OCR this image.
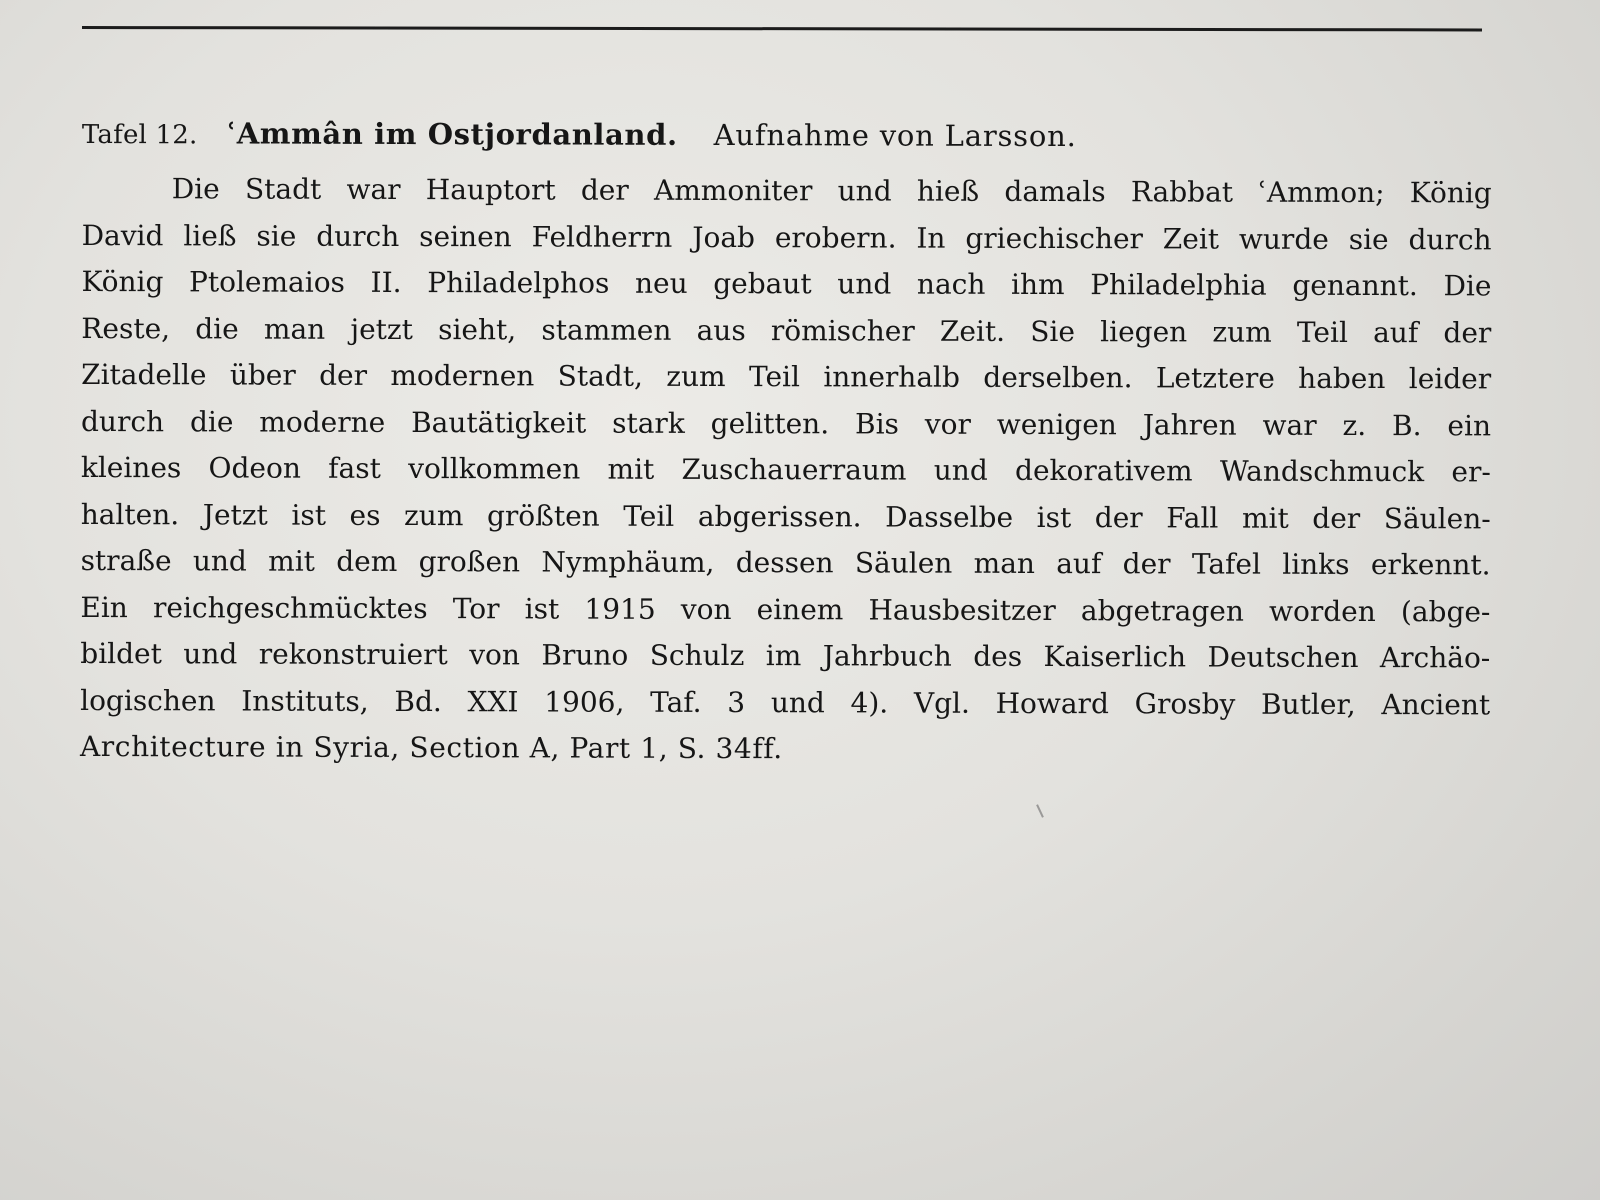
Tafel 12. ʿAmmân im Ostjordanland. Aufnahme von Larsson.
Die Stadt war Hauptort der Ammoniter und hieß damals Rabbat ʿAmmon; König
David ließ sie durch seinen Feldherrn Joab erobern. In griechischer Zeit wurde sie durch
König Ptolemaios II. Philadelphos neu gebaut und nach ihm Philadelphia genannt. Die
Reste, die man jetzt sieht, stammen aus römischer Zeit. Sie liegen zum Teil auf der
Zitadelle über der modernen Stadt, zum Teil innerhalb derselben. Letztere haben leider
durch die moderne Bautätigkeit stark gelitten. Bis vor wenigen Jahren war z. B. ein
kleines Odeon fast vollkommen mit Zuschauerraum und dekorativem Wandschmuck er-
halten. Jetzt ist es zum größten Teil abgerissen. Dasselbe ist der Fall mit der Säulen-
straße und mit dem großen Nymphäum, dessen Säulen man auf der Tafel links erkennt.
Ein reichgeschmücktes Tor ist 1915 von einem Hausbesitzer abgetragen worden (abge-
bildet und rekonstruiert von Bruno Schulz im Jahrbuch des Kaiserlich Deutschen Archäo-
logischen Instituts, Bd. XXI 1906, Taf. 3 und 4). Vgl. Howard Grosby Butler, Ancient
Architecture in Syria, Section A, Part 1, S. 34ff.
